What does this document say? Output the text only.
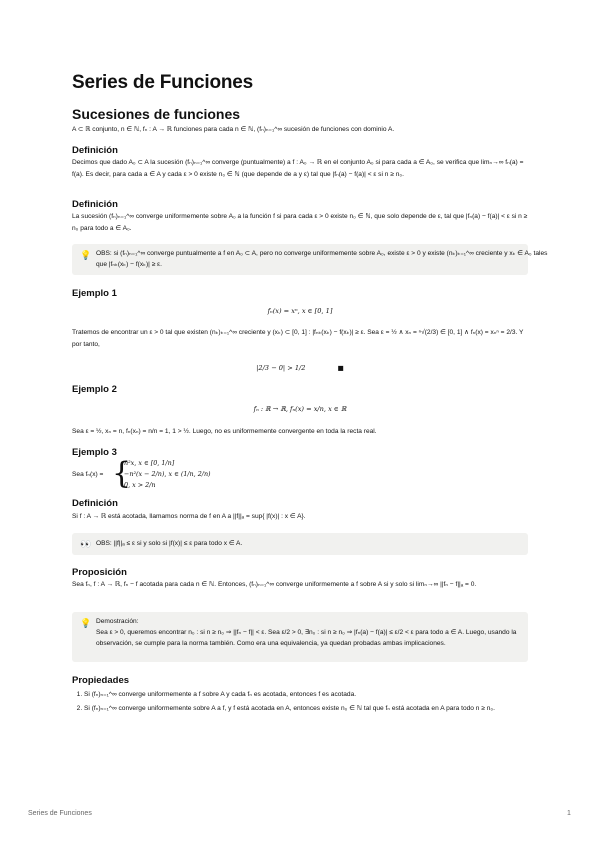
Series de Funciones
Sucesiones de funciones

A ⊂ ℝ conjunto, n ∈ ℕ, fₙ : A → ℝ funciones para cada n ∈ ℕ, (fₙ)ₙ₌₁^∞ sucesión de funciones con dominio A.

Definición

Decimos que dado A₀ ⊂ A la sucesión (fₙ)ₙ₌₁^∞ converge (puntualmente) a f : A₀ → ℝ en el conjunto A₀ si para cada a ∈ A₀, se verifica que limₙ→∞ fₙ(a) = f(a). Es decir, para cada a ∈ A y cada ε > 0 existe n₀ ∈ ℕ (que depende de a y ε) tal que |fₙ(a) − f(a)| < ε si n ≥ n₀.

Definición

La sucesión (fₙ)ₙ₌₁^∞ converge uniformemente sobre A₀ a la función f si para cada ε > 0 existe n₀ ∈ ℕ, que solo depende de ε, tal que |fₙ(a) − f(a)| < ε si n ≥ n₀ para todo a ∈ A₀.

💡 OBS: si (fₙ)ₙ₌₁^∞ converge puntualmente a f en A₀ ⊂ A, pero no converge uniformemente sobre A₀, existe ε > 0 y existe (nₖ)ₖ₌₁^∞ creciente y xₖ ∈ A₀ tales que |fₙₖ(xₖ) − f(xₖ)| ≥ ε.

Ejemplo 1

fₙ(x) = xⁿ, x ∈ [0, 1]

Tratemos de encontrar un ε > 0 tal que existen (nₖ)ₖ₌₁^∞ creciente y (xₖ) ⊂ [0, 1] : |fₙₖ(xₖ) − f(xₖ)| ≥ ε. Sea ε = ½ ∧ xₙ = ⁿ√(2/3) ∈ [0, 1] ∧ fₙ(x) = xₙⁿ = 2/3. Y por tanto,

|2/3 − 0| > 1/2	■

Ejemplo 2

fₙ : ℝ → ℝ, fₙ(x) = x/n, x ∈ ℝ

Sea ε = ½, xₙ = n, fₙ(xₙ) = n/n = 1, 1 > ½. Luego, no es uniformemente convergente en toda la recta real.

Ejemplo 3
Sea fₙ(x) = {
n²x, x ∈ [0, 1/n]
−n²(x − 2/n), x ∈ (1/n, 2/n)
0, x > 2/n
Definición

Si f : A → ℝ está acotada, llamamos norma de f en A a ||f||ₐ = sup{ |f(x)| : x ∈ A}.

👀 OBS: ||f||ₐ ≤ ε si y solo si |f(x)| ≤ ε para todo x ∈ A.

Proposición

Sea fₙ, f : A → ℝ, fₙ − f acotada para cada n ∈ ℕ. Entonces, (fₙ)ₙ₌₁^∞ converge uniformemente a f sobre A si y solo si limₙ→∞ ||fₙ − f||ₐ = 0.

💡 Demostración:

Sea ε > 0, queremos encontrar n₀ : si n ≥ n₀ ⇒ ||fₙ − f|| < ε. Sea ε/2 > 0, ∃n₀ : si n ≥ n₀ ⇒ |fₙ(a) − f(a)| ≤ ε/2 < ε para todo a ∈ A. Luego, usando la observación, se cumple para la norma también. Como era una equivalencia, ya quedan probadas ambas implicaciones.

Propiedades
1. Si (fₙ)ₙ₌₁^∞ converge uniformemente a f sobre A y cada fₙ es acotada, entonces f es acotada.
2. Si (fₙ)ₙ₌₁^∞ converge uniformemente sobre A a f, y f está acotada en A, entonces existe n₀ ∈ ℕ tal que fₙ está acotada en A para todo n ≥ n₀.
Series de Funciones	1
